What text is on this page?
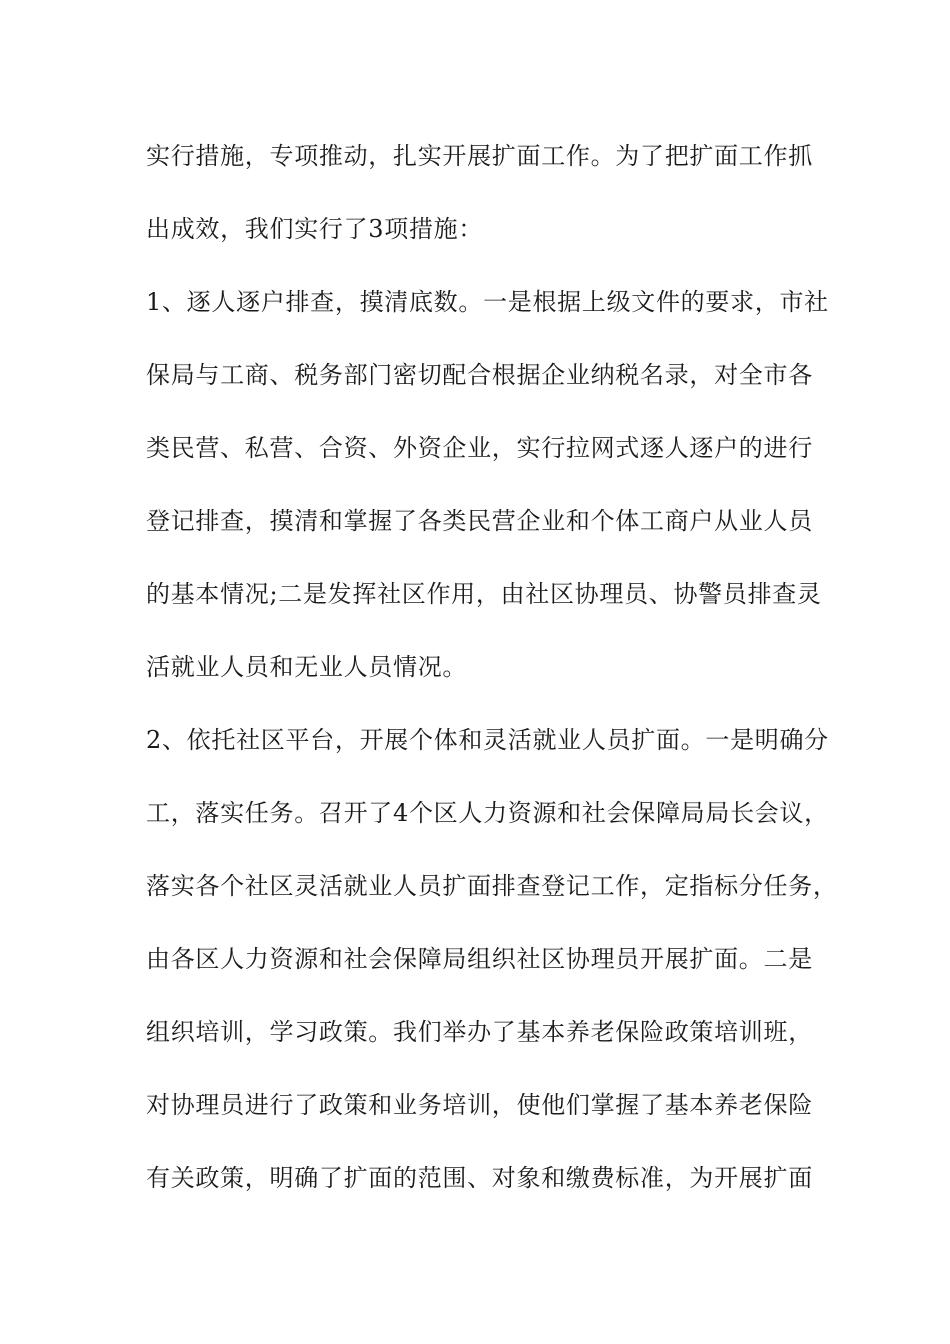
实行措施，专项推动，扎实开展扩面工作。为了把扩面工作抓
出成效，我们实行了3项措施：
1、逐人逐户排查，摸清底数。一是根据上级文件的要求，市社
保局与工商、税务部门密切配合根据企业纳税名录，对全市各
类民营、私营、合资、外资企业，实行拉网式逐人逐户的进行
登记排查，摸清和掌握了各类民营企业和个体工商户从业人员
的基本情况;二是发挥社区作用，由社区协理员、协警员排查灵
活就业人员和无业人员情况。
2、依托社区平台，开展个体和灵活就业人员扩面。一是明确分
工，落实任务。召开了4个区人力资源和社会保障局局长会议，
落实各个社区灵活就业人员扩面排查登记工作，定指标分任务，
由各区人力资源和社会保障局组织社区协理员开展扩面。二是
组织培训，学习政策。我们举办了基本养老保险政策培训班，
对协理员进行了政策和业务培训，使他们掌握了基本养老保险
有关政策，明确了扩面的范围、对象和缴费标准，为开展扩面
